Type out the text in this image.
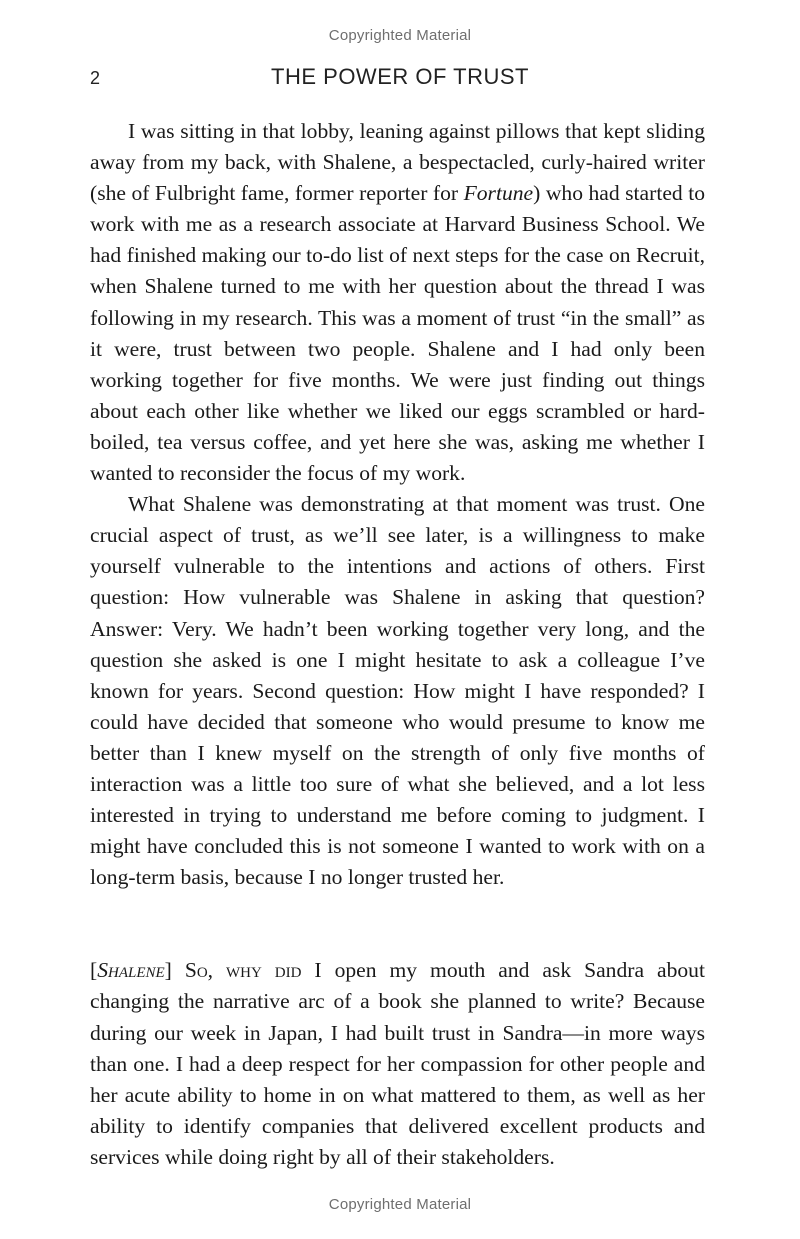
Copyrighted Material
2	THE POWER OF TRUST

I was sitting in that lobby, leaning against pillows that kept sliding away from my back, with Shalene, a bespectacled, curly-haired writer (she of Fulbright fame, former reporter for Fortune) who had started to work with me as a research associate at Harvard Business School. We had finished making our to-do list of next steps for the case on Recruit, when Shalene turned to me with her question about the thread I was following in my research. This was a moment of trust “in the small” as it were, trust between two people. Shalene and I had only been working together for five months. We were just finding out things about each other like whether we liked our eggs scrambled or hard-boiled, tea versus coffee, and yet here she was, asking me whether I wanted to reconsider the focus of my work.

What Shalene was demonstrating at that moment was trust. One crucial aspect of trust, as we’ll see later, is a willingness to make yourself vulnerable to the intentions and actions of others. First question: How vulnerable was Shalene in asking that question? Answer: Very. We hadn’t been working together very long, and the question she asked is one I might hesitate to ask a colleague I’ve known for years. Second question: How might I have responded? I could have decided that someone who would presume to know me better than I knew myself on the strength of only five months of interaction was a little too sure of what she believed, and a lot less interested in trying to understand me before coming to judgment. I might have concluded this is not someone I wanted to work with on a long-term basis, because I no longer trusted her.

[Shalene] So, why did I open my mouth and ask Sandra about changing the narrative arc of a book she planned to write? Because during our week in Japan, I had built trust in Sandra—in more ways than one. I had a deep respect for her compassion for other people and her acute ability to home in on what mattered to them, as well as her ability to identify companies that delivered excellent products and services while doing right by all of their stakeholders.

Copyrighted Material
